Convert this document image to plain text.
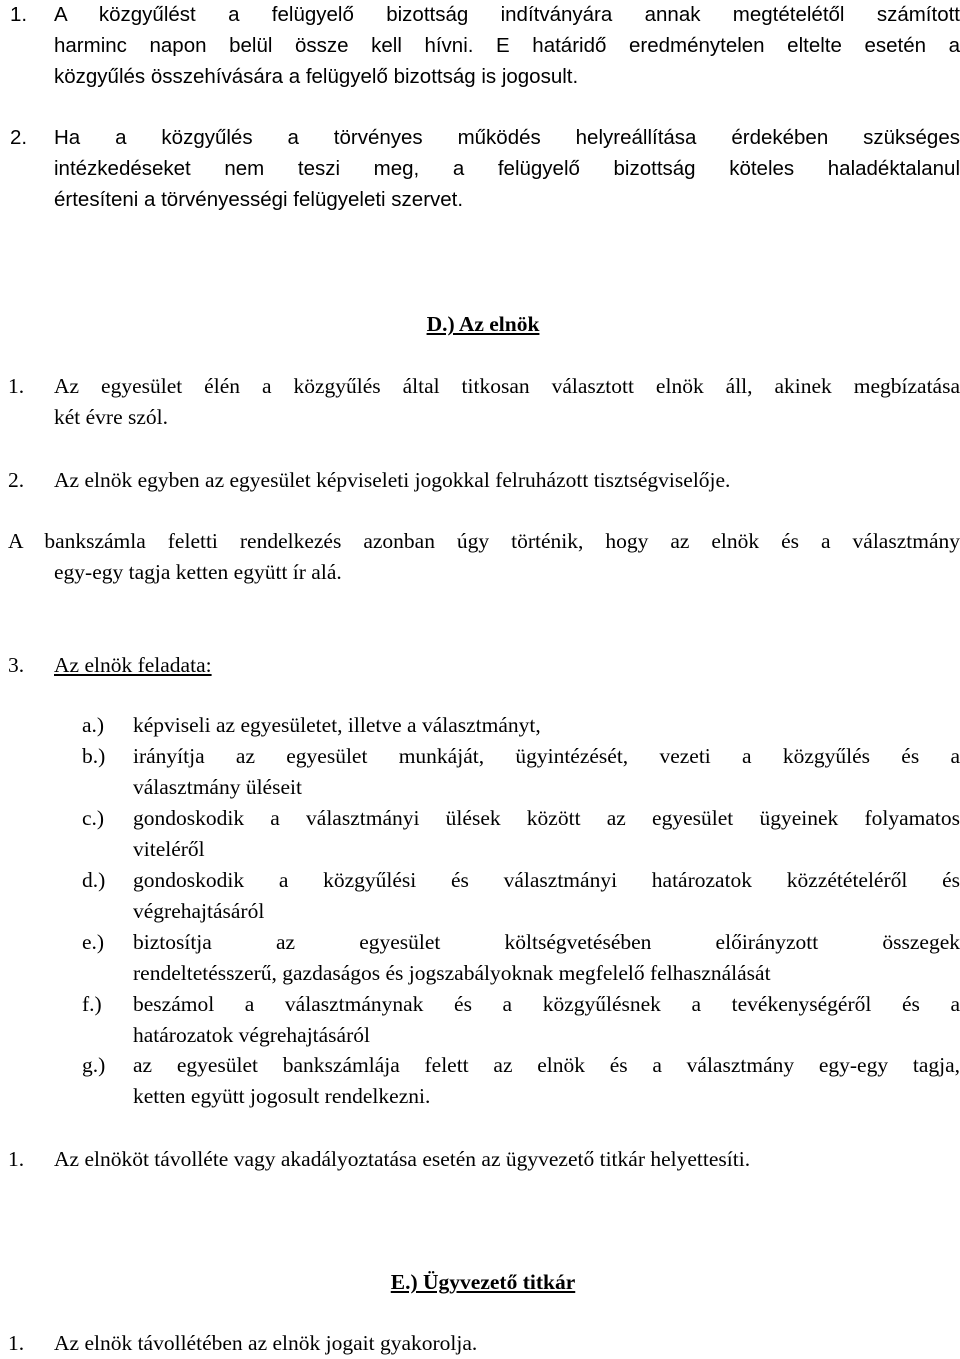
1. A közgyűlést a felügyelő bizottság indítványára annak megtételétől számított
harminc napon belül össze kell hívni. E határidő eredménytelen eltelte esetén a
közgyűlés összehívására a felügyelő bizottság is jogosult.
2. Ha a közgyűlés a törvényes működés helyreállítása érdekében szükséges
intézkedéseket nem teszi meg, a felügyelő bizottság köteles haladéktalanul
értesíteni a törvényességi felügyeleti szervet.
D.) Az elnök
1. Az egyesület élén a közgyűlés által titkosan választott elnök áll, akinek megbízatása
két évre szól.
2. Az elnök egyben az egyesület képviseleti jogokkal felruházott tisztségviselője.
A bankszámla feletti rendelkezés azonban úgy történik, hogy az elnök és a választmány
egy-egy tagja ketten együtt ír alá.
3. Az elnök feladata:
a.) képviseli az egyesületet, illetve a választmányt,
b.) irányítja az egyesület munkáját, ügyintézését, vezeti a közgyűlés és a
választmány üléseit
c.) gondoskodik a választmányi ülések között az egyesület ügyeinek folyamatos
viteléről
d.) gondoskodik a közgyűlési és választmányi határozatok közzétételéről és
végrehajtásáról
e.) biztosítja az egyesület költségvetésében előirányzott összegek
rendeltetésszerű, gazdaságos és jogszabályoknak megfelelő felhasználását
f.) beszámol a választmánynak és a közgyűlésnek a tevékenységéről és a
határozatok végrehajtásáról
g.) az egyesület bankszámlája felett az elnök és a választmány egy-egy tagja,
ketten együtt jogosult rendelkezni.
1. Az elnököt távolléte vagy akadályoztatása esetén az ügyvezető titkár helyettesíti.
E.) Ügyvezető titkár
1. Az elnök távollétében az elnök jogait gyakorolja.
